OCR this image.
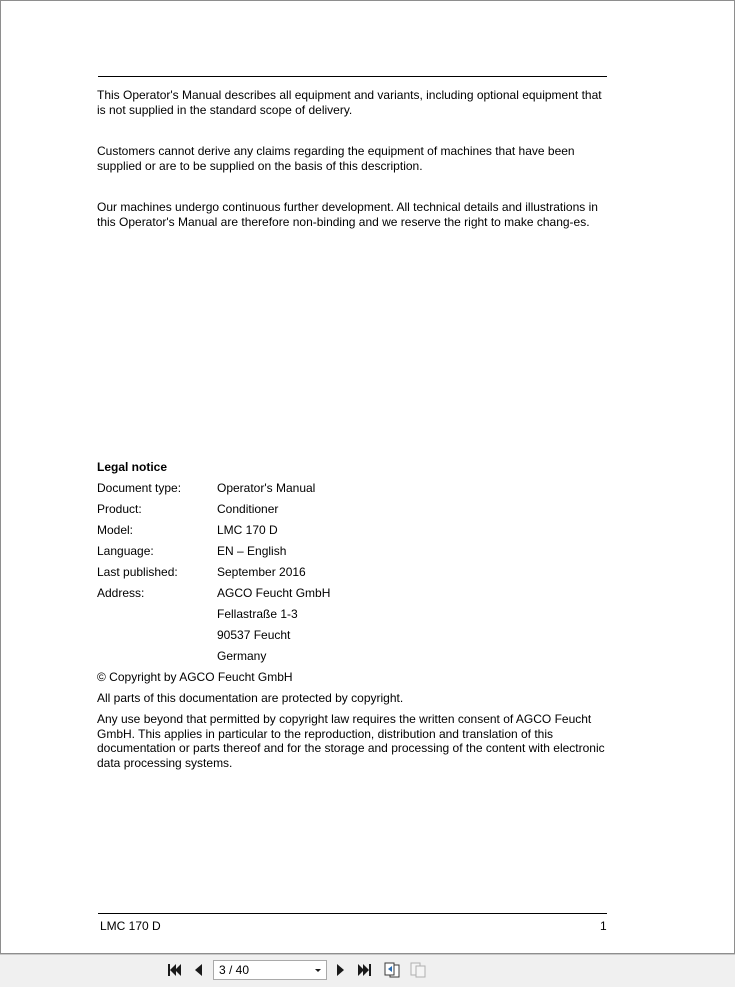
This Operator's Manual describes all equipment and variants, including optional equipment that is not supplied in the standard scope of delivery.

Customers cannot derive any claims regarding the equipment of machines that have been supplied or are to be supplied on the basis of this description.

Our machines undergo continuous further development. All technical details and illustrations in this Operator's Manual are therefore non-binding and we reserve the right to make chang-es.

Legal notice
Document type:	Operator's Manual
Product:	Conditioner
Model:	LMC 170 D
Language:	EN – English
Last published:	September 2016
Address:	AGCO Feucht GmbH
Fellastraße 1-3
90537 Feucht
Germany

© Copyright by AGCO Feucht GmbH

All parts of this documentation are protected by copyright.

Any use beyond that permitted by copyright law requires the written consent of AGCO Feucht GmbH. This applies in particular to the reproduction, distribution and translation of this documentation or parts thereof and for the storage and processing of the content with electronic data processing systems.

LMC 170 D	1
3 / 40
